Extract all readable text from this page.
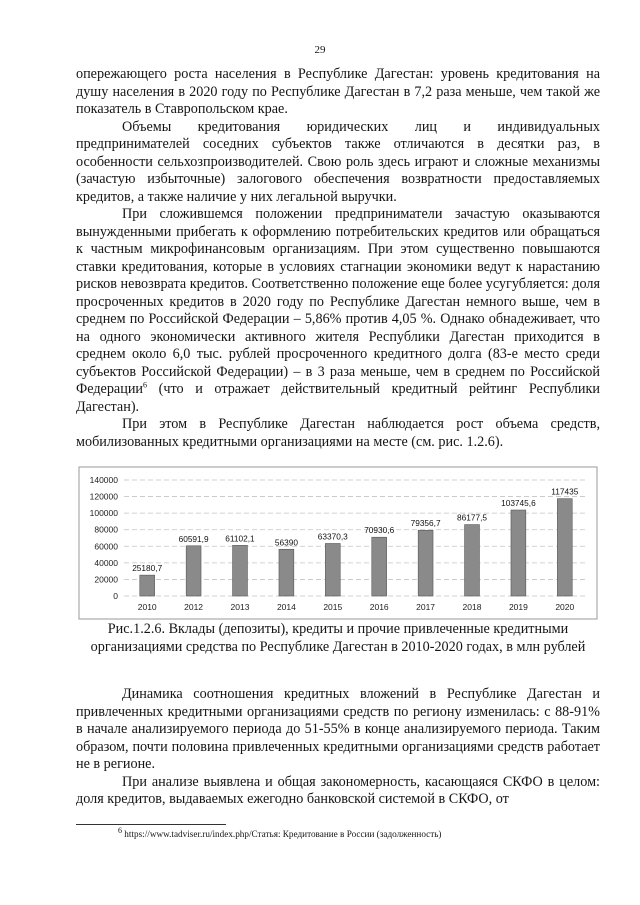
29

опережающего роста населения в Республике Дагестан: уровень кредитования на душу населения в 2020 году по Республике Дагестан в 7,2 раза меньше, чем такой же показатель в Ставропольском крае.

Объемы кредитования юридических лиц и индивидуальных предпринимателей соседних субъектов также отличаются в десятки раз, в особенности сельхозпроизводителей. Свою роль здесь играют и сложные механизмы (зачастую избыточные) залогового обеспечения возвратности предоставляемых кредитов, а также наличие у них легальной выручки.

При сложившемся положении предприниматели зачастую оказываются вынужденными прибегать к оформлению потребительских кредитов или обращаться к частным микрофинансовым организациям. При этом существенно повышаются ставки кредитования, которые в условиях стагнации экономики ведут к нарастанию рисков невозврата кредитов. Соответственно положение еще более усугубляется: доля просроченных кредитов в 2020 году по Республике Дагестан немного выше, чем в среднем по Российской Федерации – 5,86% против 4,05 %. Однако обнадеживает, что на одного экономически активного жителя Республики Дагестан приходится в среднем около 6,0 тыс. рублей просроченного кредитного долга (83-е место среди субъектов Российской Федерации) – в 3 раза меньше, чем в среднем по Российской Федерации$^6$ (что и отражает действительный кредитный рейтинг Республики Дагестан).

При этом в Республике Дагестан наблюдается рост объема средств, мобилизованных кредитными организациями на месте (см. рис. 1.2.6).

0
20000
40000
60000
80000
100000
120000
140000
25180,7
2010
60591,9
2012
61102,1
2013
56390
2014
63370,3
2015
70930,6
2016
79356,7
2017
86177,5
2018
103745,6
2019
117435
2020
Рис.1.2.6. Вклады (депозиты), кредиты и прочие привлеченные кредитными организациями средства по Республике Дагестан в 2010-2020 годах, в млн рублей

Динамика соотношения кредитных вложений в Республике Дагестан и привлеченных кредитными организациями средств по региону изменилась: с 88-91% в начале анализируемого периода до 51-55% в конце анализируемого периода. Таким образом, почти половина привлеченных кредитными организациями средств работает не в регионе.

При анализе выявлена и общая закономерность, касающаяся СКФО в целом: доля кредитов, выдаваемых ежегодно банковской системой в СКФО, от

$^6$ https://www.tadviser.ru/index.php/Статья: Кредитование в России (задолженность)
